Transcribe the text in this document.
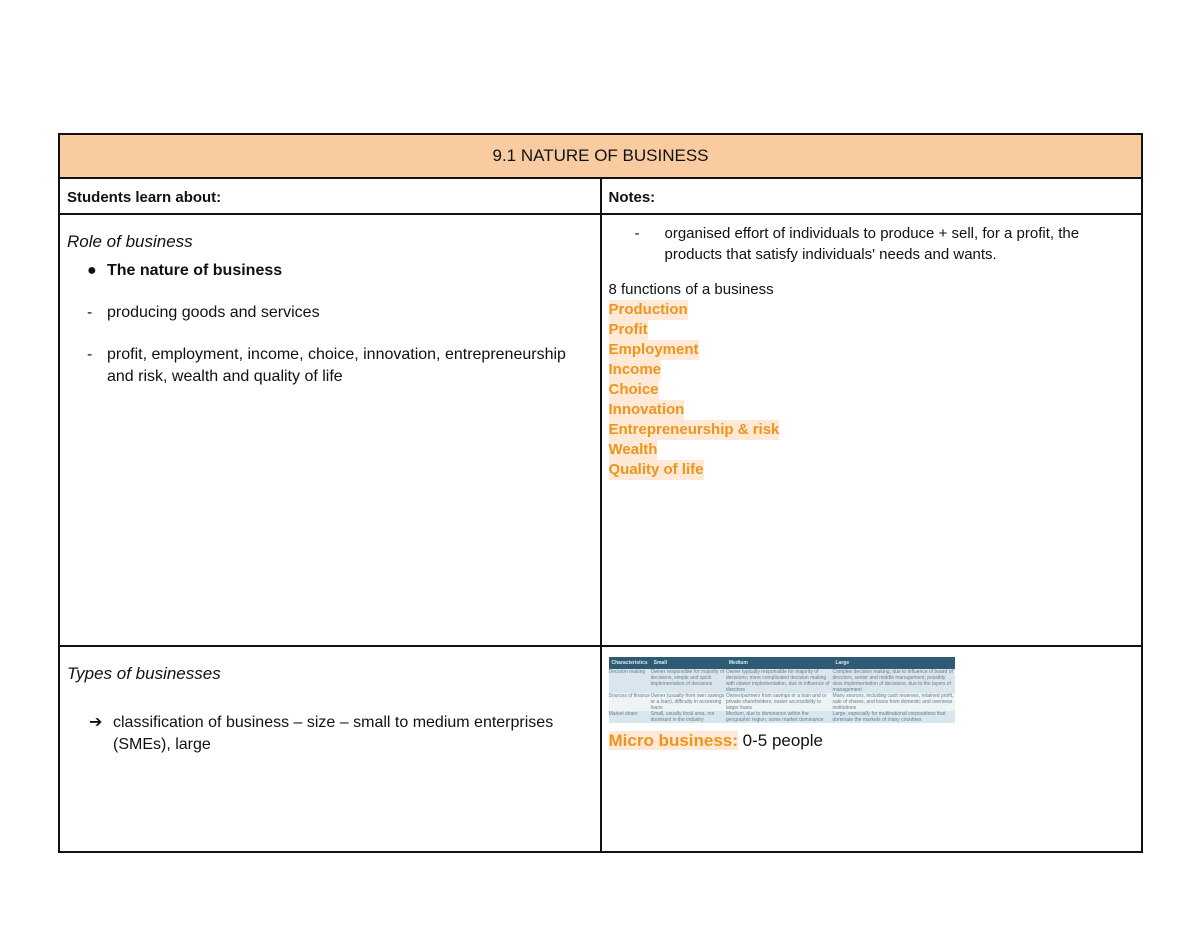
9.1 NATURE OF BUSINESS
Students learn about:	Notes:

Role of business
● The nature of business
- producing goods and services
- profit, employment, income, choice, innovation, entrepreneurship and risk, wealth and quality of life

-	organised effort of individuals to produce + sell, for a profit, the products that satisfy individuals' needs and wants.
8 functions of a business
Production
Profit
Employment
Income
Choice
Innovation
Entrepreneurship & risk
Wealth
Quality of life

Types of businesses
➔ classification of business – size – small to medium enterprises (SMEs), large

Characteristics	Small	Medium	Large
Decision making	Owner responsible for majority of decisions, simple and quick implementation of decisions	Owner typically responsible for majority of decisions; more complicated decision making with slower implementation, due to influence of directors	Complex decision making, due to influence of board of directors, senior and middle management; possibly slow implementation of decisions, due to the layers of management
Sources of finance	Owner (usually from own savings or a loan), difficulty in accessing loans	Owner/partners from savings or a loan and or private shareholders; easier accessibility to larger loans	Many sources, including cash reserves, retained profit, sale of shares, and loans from domestic and overseas institutions
Market share	Small, usually local area, not dominant in the industry	Medium, due to dominance within the geographic region, some market dominance	Large, especially for multinational corporations that dominate the markets of many countries
Micro business: 0-5 people
